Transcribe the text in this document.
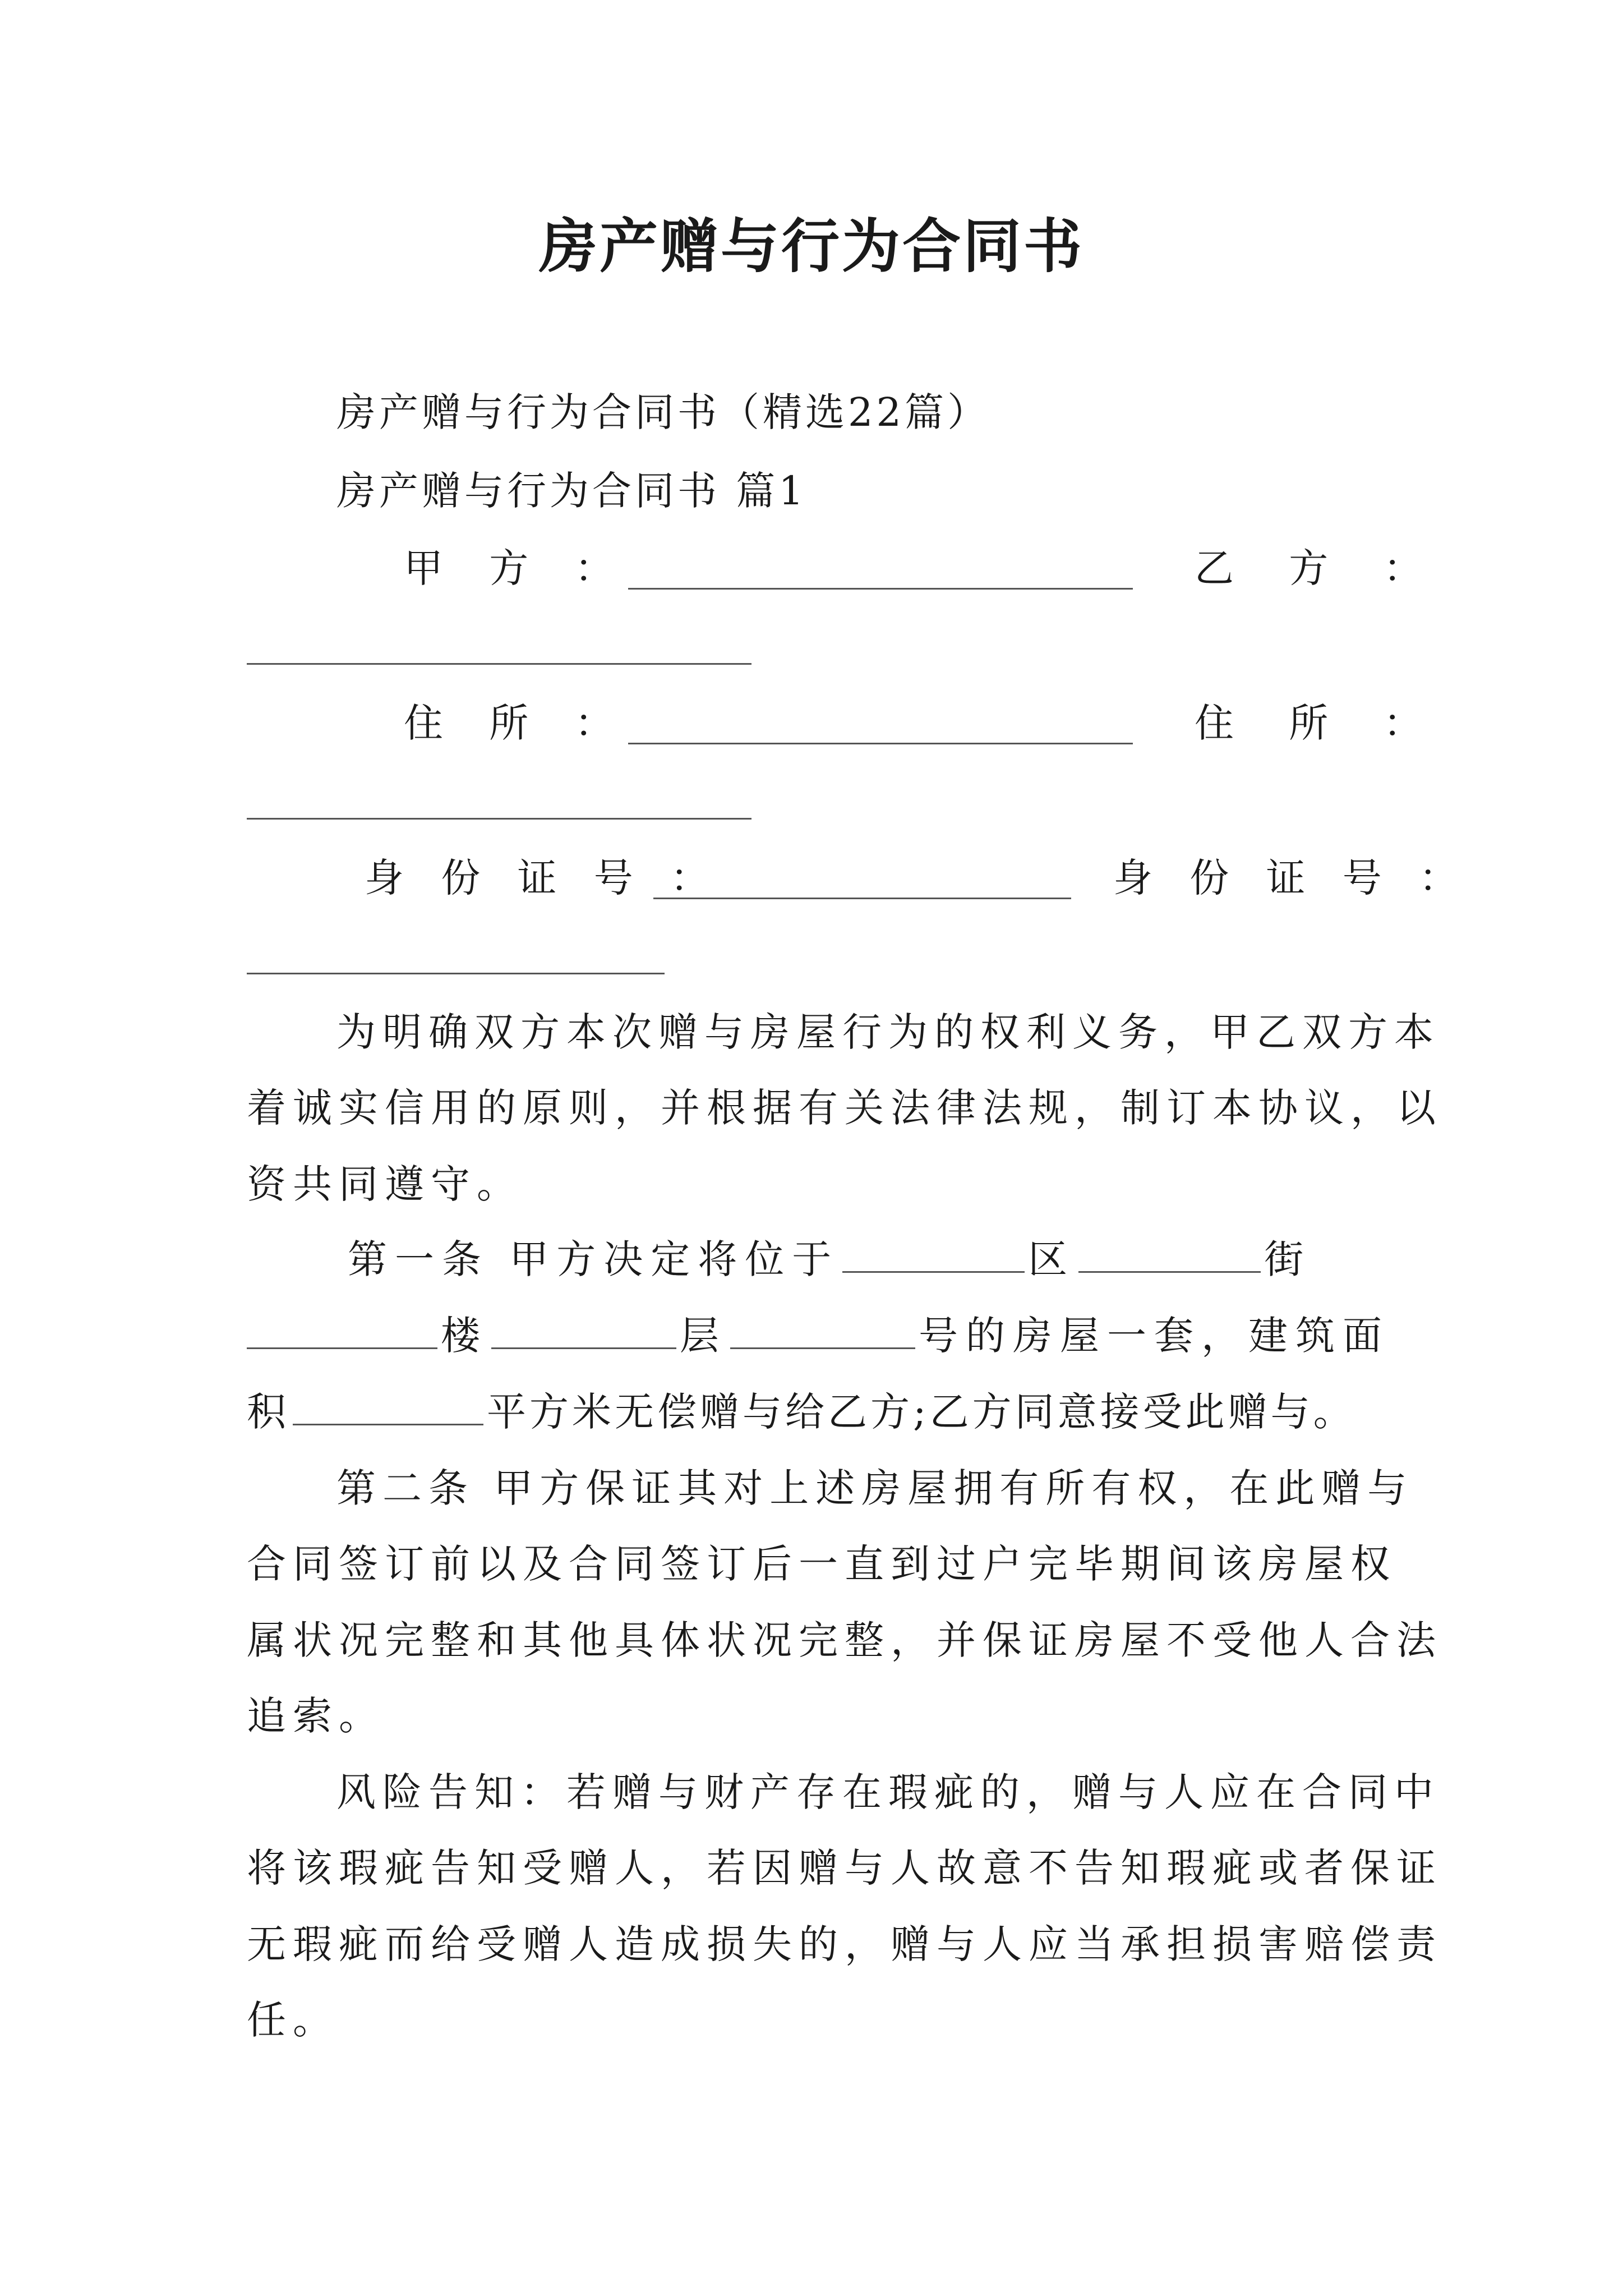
房产赠与行为合同书
房产赠与行为合同书（精选22篇）
房产赠与行为合同书 篇1
甲 方 ：	乙 方 ：
住 所 ：	住 所 ：
身 份 证 号 ：	身 份 证 号 ：
为明确双方本次赠与房屋行为的权利义务，甲乙双方本
着诚实信用的原则，并根据有关法律法规，制订本协议，以
资共同遵守。
第一条 甲方决定将位于	区	街
楼	层	号的房屋一套，建筑面
积	平方米无偿赠与给乙方;乙方同意接受此赠与。
第二条 甲方保证其对上述房屋拥有所有权，在此赠与
合同签订前以及合同签订后一直到过户完毕期间该房屋权
属状况完整和其他具体状况完整，并保证房屋不受他人合法
追索。
风险告知：若赠与财产存在瑕疵的，赠与人应在合同中
将该瑕疵告知受赠人，若因赠与人故意不告知瑕疵或者保证
无瑕疵而给受赠人造成损失的，赠与人应当承担损害赔偿责
任。
